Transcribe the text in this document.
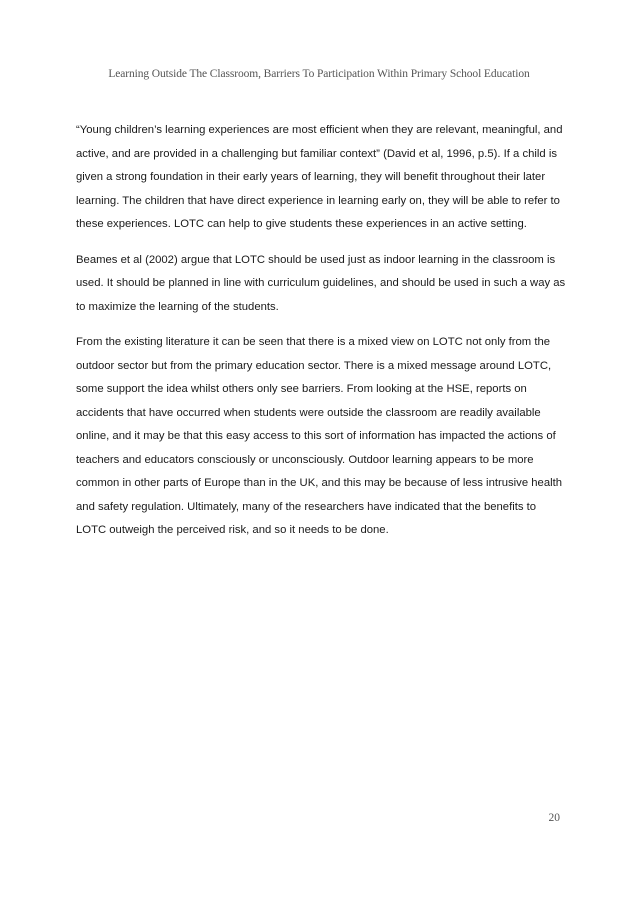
Learning Outside The Classroom, Barriers To Participation Within Primary School Education

“Young children’s learning experiences are most efficient when they are relevant, meaningful, and active, and are provided in a challenging but familiar context” (David et al, 1996, p.5). If a child is given a strong foundation in their early years of learning, they will benefit throughout their later learning. The children that have direct experience in learning early on, they will be able to refer to these experiences. LOTC can help to give students these experiences in an active setting.

Beames et al (2002) argue that LOTC should be used just as indoor learning in the classroom is used. It should be planned in line with curriculum guidelines, and should be used in such a way as to maximize the learning of the students.

From the existing literature it can be seen that there is a mixed view on LOTC not only from the outdoor sector but from the primary education sector. There is a mixed message around LOTC, some support the idea whilst others only see barriers. From looking at the HSE, reports on accidents that have occurred when students were outside the classroom are readily available online, and it may be that this easy access to this sort of information has impacted the actions of teachers and educators consciously or unconsciously. Outdoor learning appears to be more common in other parts of Europe than in the UK, and this may be because of less intrusive health and safety regulation. Ultimately, many of the researchers have indicated that the benefits to LOTC outweigh the perceived risk, and so it needs to be done.

20
